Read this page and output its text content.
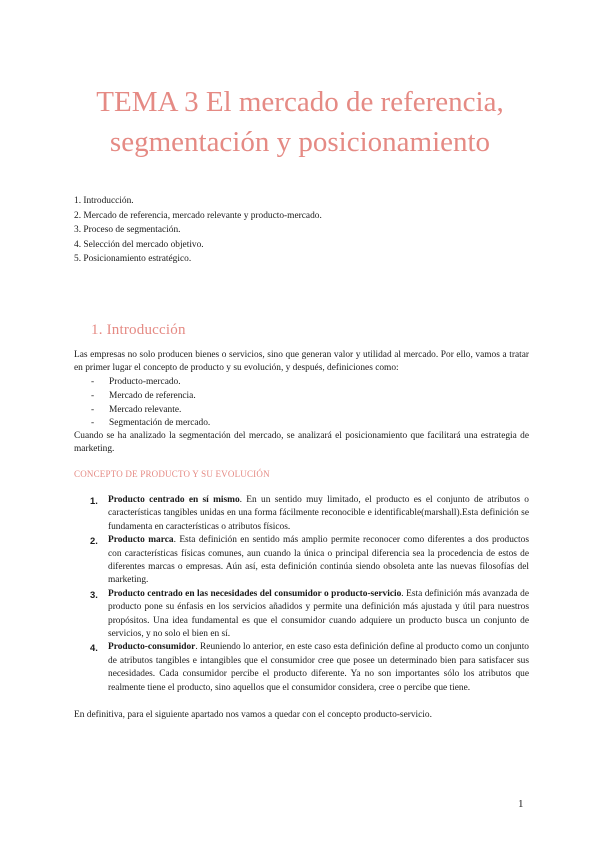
TEMA 3 El mercado de referencia,
segmentación y posicionamiento
1. Introducción.
2. Mercado de referencia, mercado relevante y producto-mercado.
3. Proceso de segmentación.
4. Selección del mercado objetivo.
5. Posicionamiento estratégico.
1. Introducción

Las empresas no solo producen bienes o servicios, sino que generan valor y utilidad al mercado. Por ello, vamos a tratar en primer lugar el concepto de producto y su evolución, y después, definiciones como:

- Producto-mercado.
- Mercado de referencia.
- Mercado relevante.
- Segmentación de mercado.

Cuando se ha analizado la segmentación del mercado, se analizará el posicionamiento que facilitará una estrategia de marketing.

CONCEPTO DE PRODUCTO Y SU EVOLUCIÓN
1. Producto centrado en sí mismo. En un sentido muy limitado, el producto es el conjunto de atributos o características tangibles unidas en una forma fácilmente reconocible e identificable(marshall).Esta definición se fundamenta en características o atributos físicos.
2. Producto marca. Esta definición en sentido más amplio permite reconocer como diferentes a dos productos con características físicas comunes, aun cuando la única o principal diferencia sea la procedencia de estos de diferentes marcas o empresas. Aún así, esta definición continúa siendo obsoleta ante las nuevas filosofías del marketing.
3. Producto centrado en las necesidades del consumidor o producto-servicio. Esta definición más avanzada de producto pone su énfasis en los servicios añadidos y permite una definición más ajustada y útil para nuestros propósitos. Una idea fundamental es que el consumidor cuando adquiere un producto busca un conjunto de servicios, y no solo el bien en sí.
4. Producto-consumidor. Reuniendo lo anterior, en este caso esta definición define al producto como un conjunto de atributos tangibles e intangibles que el consumidor cree que posee un determinado bien para satisfacer sus necesidades. Cada consumidor percibe el producto diferente. Ya no son importantes sólo los atributos que realmente tiene el producto, sino aquellos que el consumidor considera, cree o percibe que tiene.

En definitiva, para el siguiente apartado nos vamos a quedar con el concepto producto-servicio.

1
